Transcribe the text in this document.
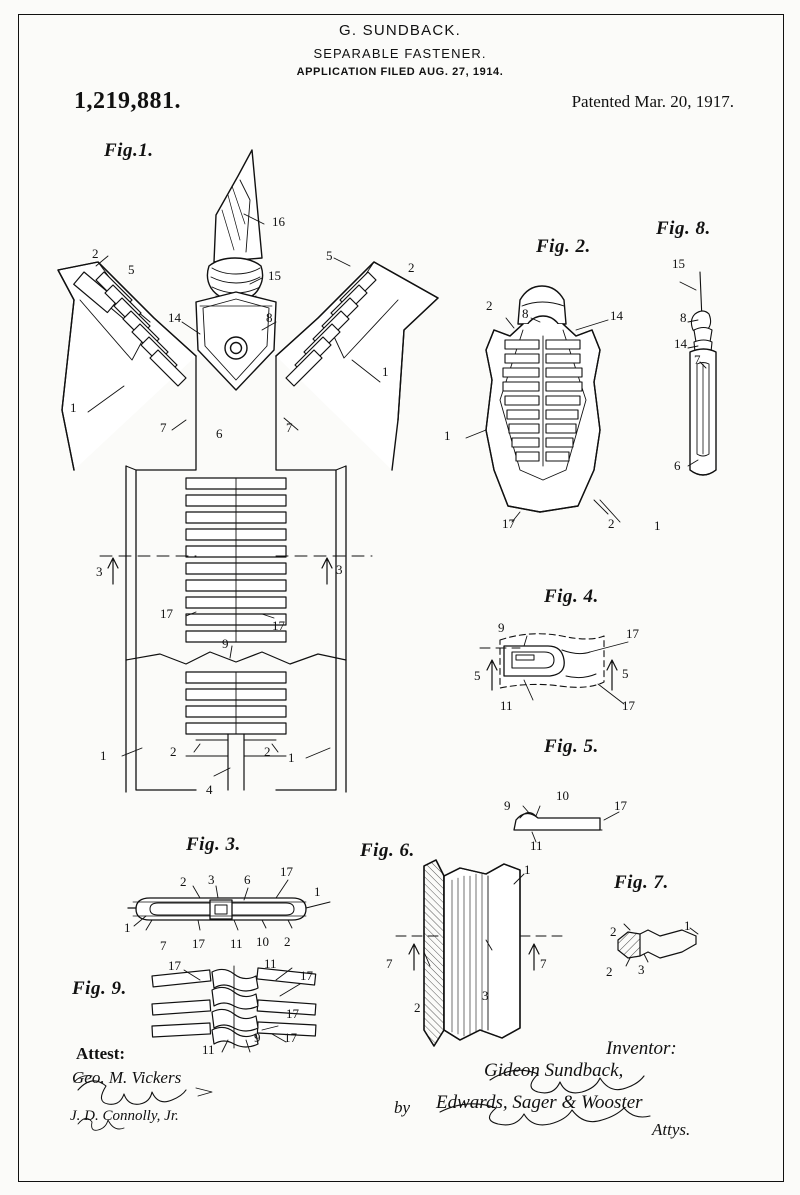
G. SUNDBACK.
SEPARABLE FASTENER.
APPLICATION FILED AUG. 27, 1914.
1,219,881.	Patented Mar. 20, 1917.
Fig.1.
Fig. 2.
Fig. 8.
Fig. 4.
Fig. 5.
Fig. 3.	Fig. 6.
Fig. 7.
Fig. 9.
16
2
5	15
5
2
14	8
1
1
7	6	7
3	3
17
17
9
1	2	2 1
4
8	14
2
1
17	2	1
15
8
14
7
6
9	17
5	5
11	17
10
9	17
11
2 3 6
17
1
1
7 17 11 10 2
1
7	7
2
3
2	1
2 3
17	11
17
17
9 17
11
Attest:
Geo. M. Vickers
J. D. Connolly, Jr.
Inventor:
Gideon Sundback,
by Edwards, Sager & Wooster
Attys.
